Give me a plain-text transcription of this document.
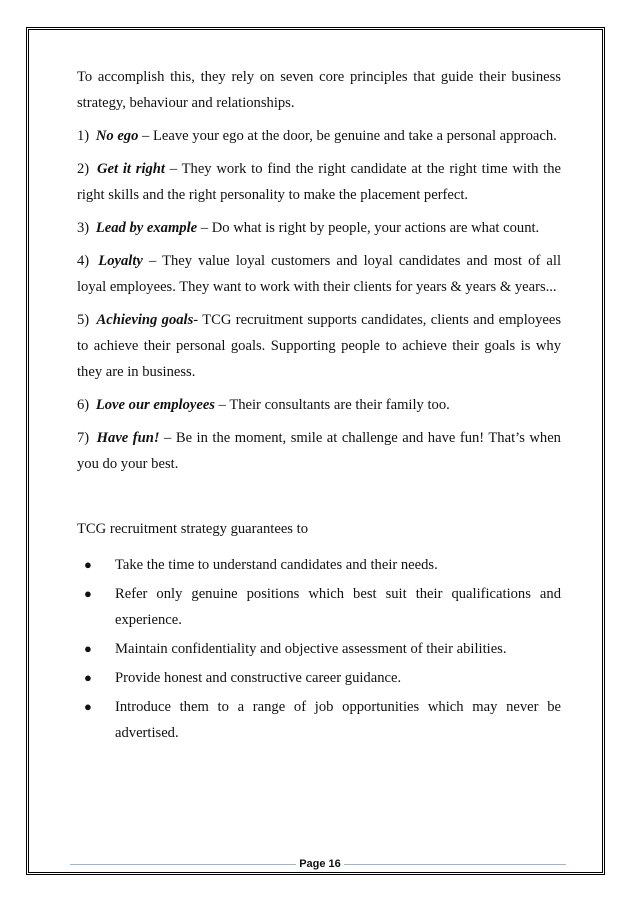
To accomplish this, they rely on seven core principles that guide their business strategy, behaviour and relationships.

1) No ego – Leave your ego at the door, be genuine and take a personal approach.

2) Get it right – They work to find the right candidate at the right time with the right skills and the right personality to make the placement perfect.

3) Lead by example – Do what is right by people, your actions are what count.

4) Loyalty – They value loyal customers and loyal candidates and most of all loyal employees. They want to work with their clients for years & years & years...

5) Achieving goals- TCG recruitment supports candidates, clients and employees to achieve their personal goals. Supporting people to achieve their goals is why they are in business.

6) Love our employees – Their consultants are their family too.

7) Have fun! – Be in the moment, smile at challenge and have fun! That’s when you do your best.

TCG recruitment strategy guarantees to

● Take the time to understand candidates and their needs.
● Refer only genuine positions which best suit their qualifications and experience.
● Maintain confidentiality and objective assessment of their abilities.
● Provide honest and constructive career guidance.
● Introduce them to a range of job opportunities which may never be advertised.
Page 16
